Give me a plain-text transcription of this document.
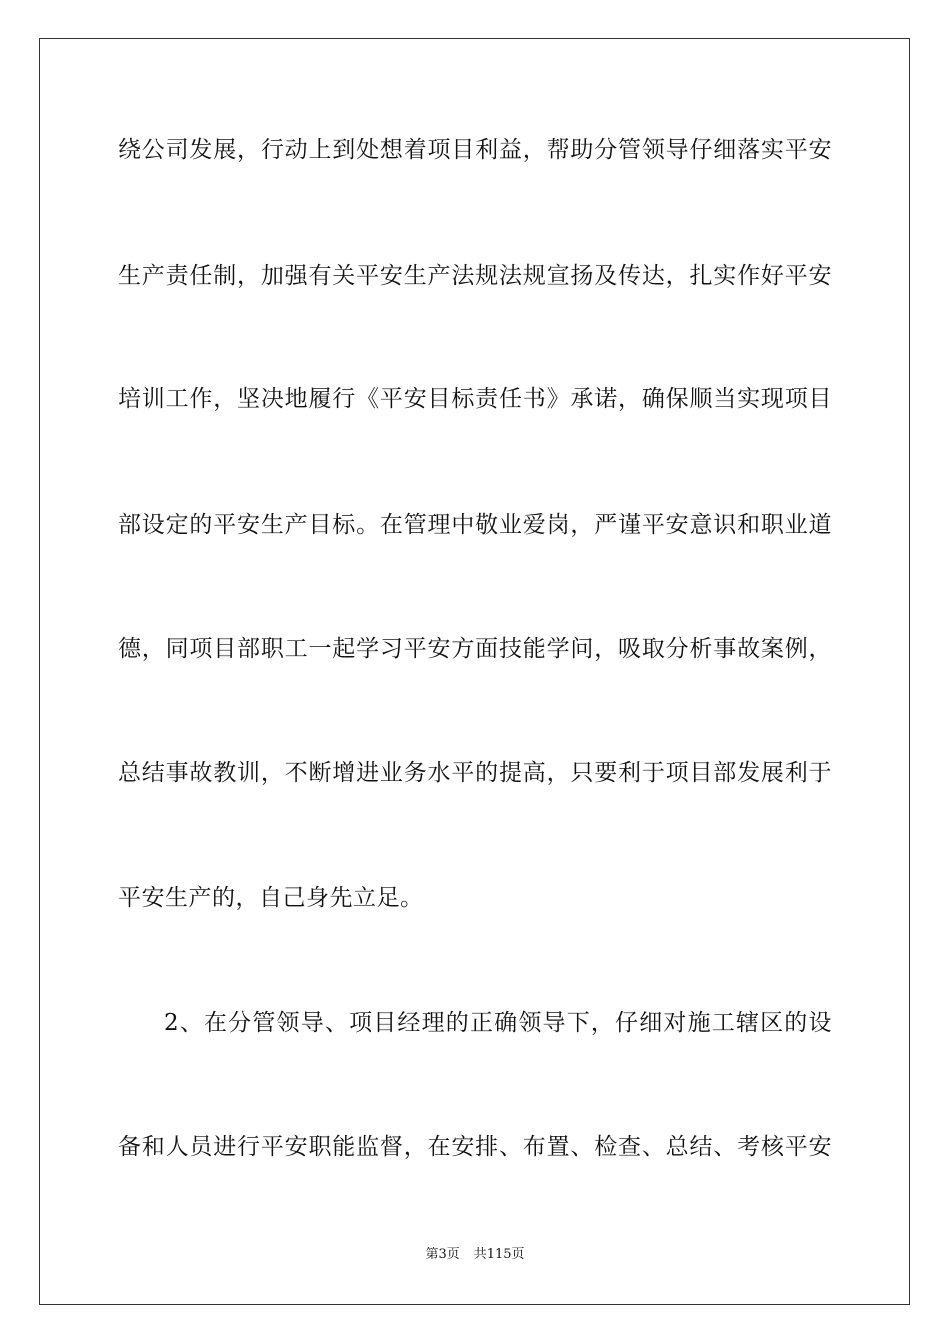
绕公司发展，行动上到处想着项目利益，帮助分管领导仔细落实平安
生产责任制，加强有关平安生产法规法规宣扬及传达，扎实作好平安
培训工作，坚决地履行《平安目标责任书》承诺，确保顺当实现项目
部设定的平安生产目标。在管理中敬业爱岗，严谨平安意识和职业道
德，同项目部职工一起学习平安方面技能学问，吸取分析事故案例，
总结事故教训，不断增进业务水平的提高，只要利于项目部发展利于
平安生产的，自己身先立足。
2、在分管领导、项目经理的正确领导下，仔细对施工辖区的设
备和人员进行平安职能监督，在安排、布置、检查、总结、考核平安
第3页 共115页
